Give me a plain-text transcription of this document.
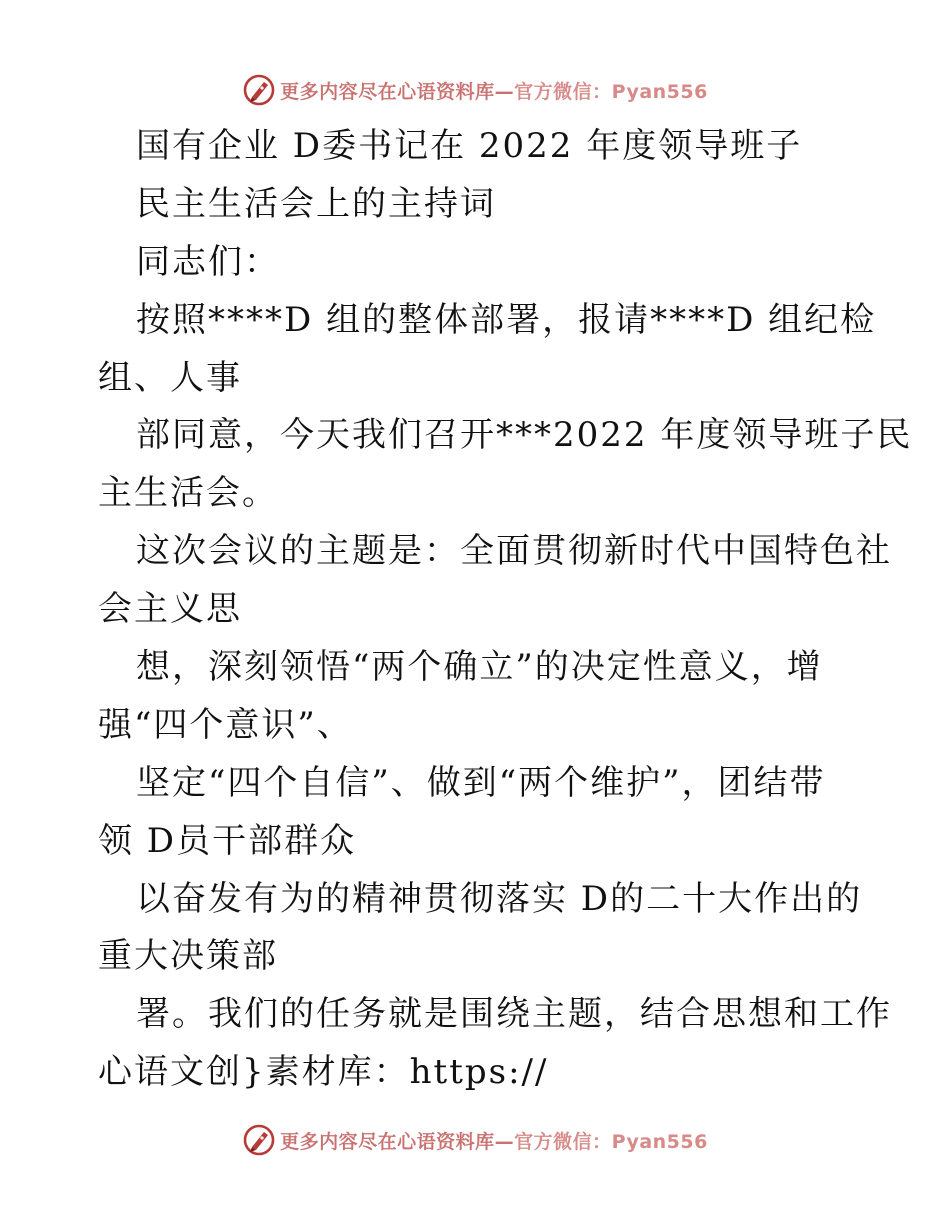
更多内容尽在心语资料库—官方微信：Pyan556
国有企业 D委书记在 2022 年度领导班子
民主生活会上的主持词
同志们：
按照****D 组的整体部署，报请****D 组纪检
组、人事
部同意，今天我们召开***2022 年度领导班子民
主生活会。
这次会议的主题是：全面贯彻新时代中国特色社
会主义思
想，深刻领悟“两个确立”的决定性意义，增
强“四个意识”、
坚定“四个自信”、做到“两个维护”，团结带
领 D员干部群众
以奋发有为的精神贯彻落实 D的二十大作出的
重大决策部
署。我们的任务就是围绕主题，结合思想和工作
心语文创}素材库：https://
更多内容尽在心语资料库—官方微信：Pyan556
